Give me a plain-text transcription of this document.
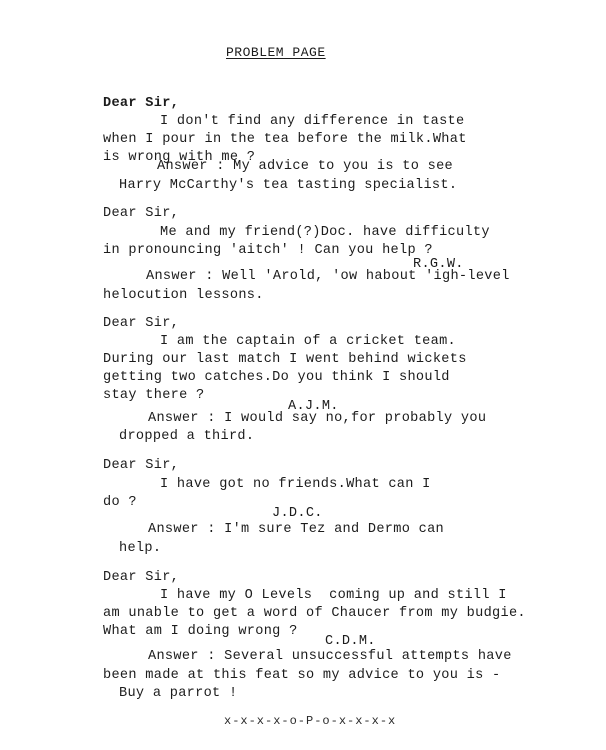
PROBLEM PAGE
Dear Sir,
I don't find any difference in taste
when I pour in the tea before the milk.What
is wrong with me ?
Answer : My advice to you is to see
Harry McCarthy's tea tasting specialist.
Dear Sir,
Me and my friend(?)Doc. have difficulty
in pronouncing 'aitch' ! Can you help ?
R.G.W.
Answer : Well 'Arold, 'ow habout 'igh-level
helocution lessons.
Dear Sir,
I am the captain of a cricket team.
During our last match I went behind wickets
getting two catches.Do you think I should
stay there ?
A.J.M.
Answer : I would say no,for probably you
dropped a third.
Dear Sir,
I have got no friends.What can I
do ?
J.D.C.
Answer : I'm sure Tez and Dermo can
help.
Dear Sir,
I have my O Levels  coming up and still I
am unable to get a word of Chaucer from my budgie.
What am I doing wrong ?
C.D.M.
Answer : Several unsuccessful attempts have
been made at this feat so my advice to you is -
Buy a parrot !
x-x-x-x-o-P-o-x-x-x-x
